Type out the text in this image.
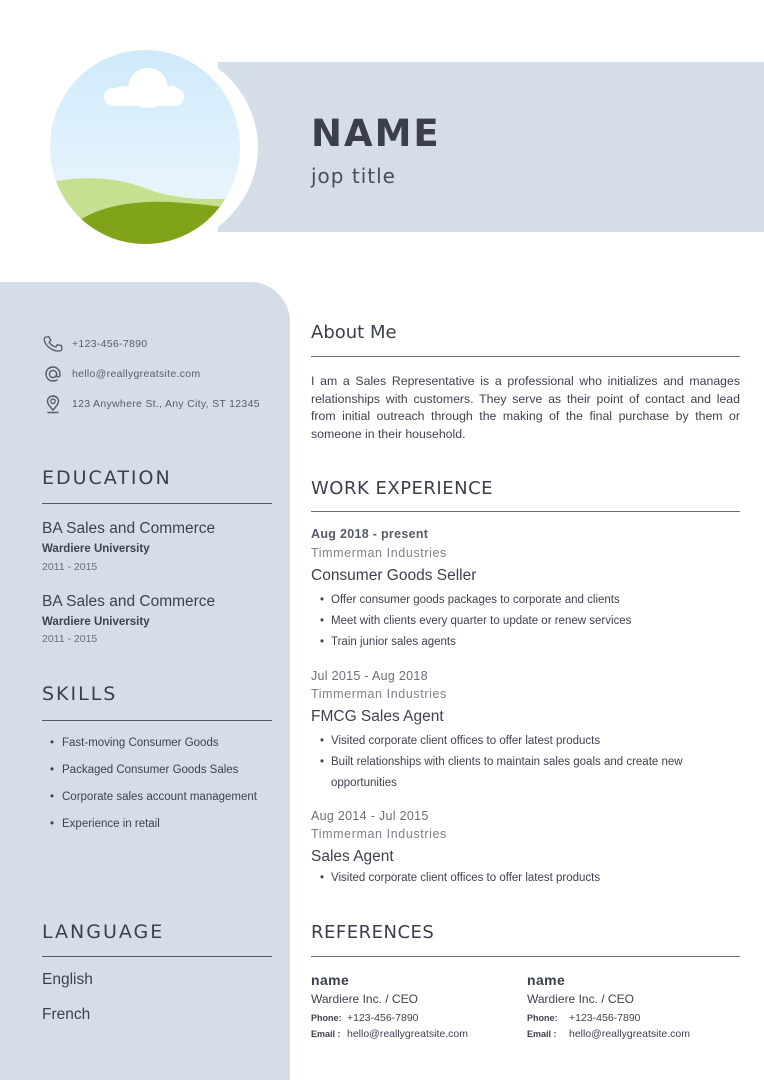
NAME
jop title
+123-456-7890
hello@reallygreatsite.com
123 Anywhere St., Any City, ST 12345
EDUCATION
BA Sales and Commerce
Wardiere University
2011 - 2015
BA Sales and Commerce
Wardiere University
2011 - 2015
SKILLS
• Fast-moving Consumer Goods
• Packaged Consumer Goods Sales
• Corporate sales account management
• Experience in retail
LANGUAGE
English
French
About Me
I am a Sales Representative is a professional who initializes and manages relationships with customers. They serve as their point of contact and lead from initial outreach through the making of the final purchase by them or someone in their household.
WORK EXPERIENCE
Aug 2018 - present
Timmerman Industries
Consumer Goods Seller
• Offer consumer goods packages to corporate and clients
• Meet with clients every quarter to update or renew services
• Train junior sales agents
Jul 2015 - Aug 2018
Timmerman Industries
FMCG Sales Agent
• Visited corporate client offices to offer latest products
• Built relationships with clients to maintain sales goals and create new opportunities
Aug 2014 - Jul 2015
Timmerman Industries
Sales Agent
• Visited corporate client offices to offer latest products
REFERENCES
name
Wardiere Inc. / CEO
Phone: +123-456-7890
Email : hello@reallygreatsite.com
name
Wardiere Inc. / CEO
Phone:	+123-456-7890
Email :	hello@reallygreatsite.com
